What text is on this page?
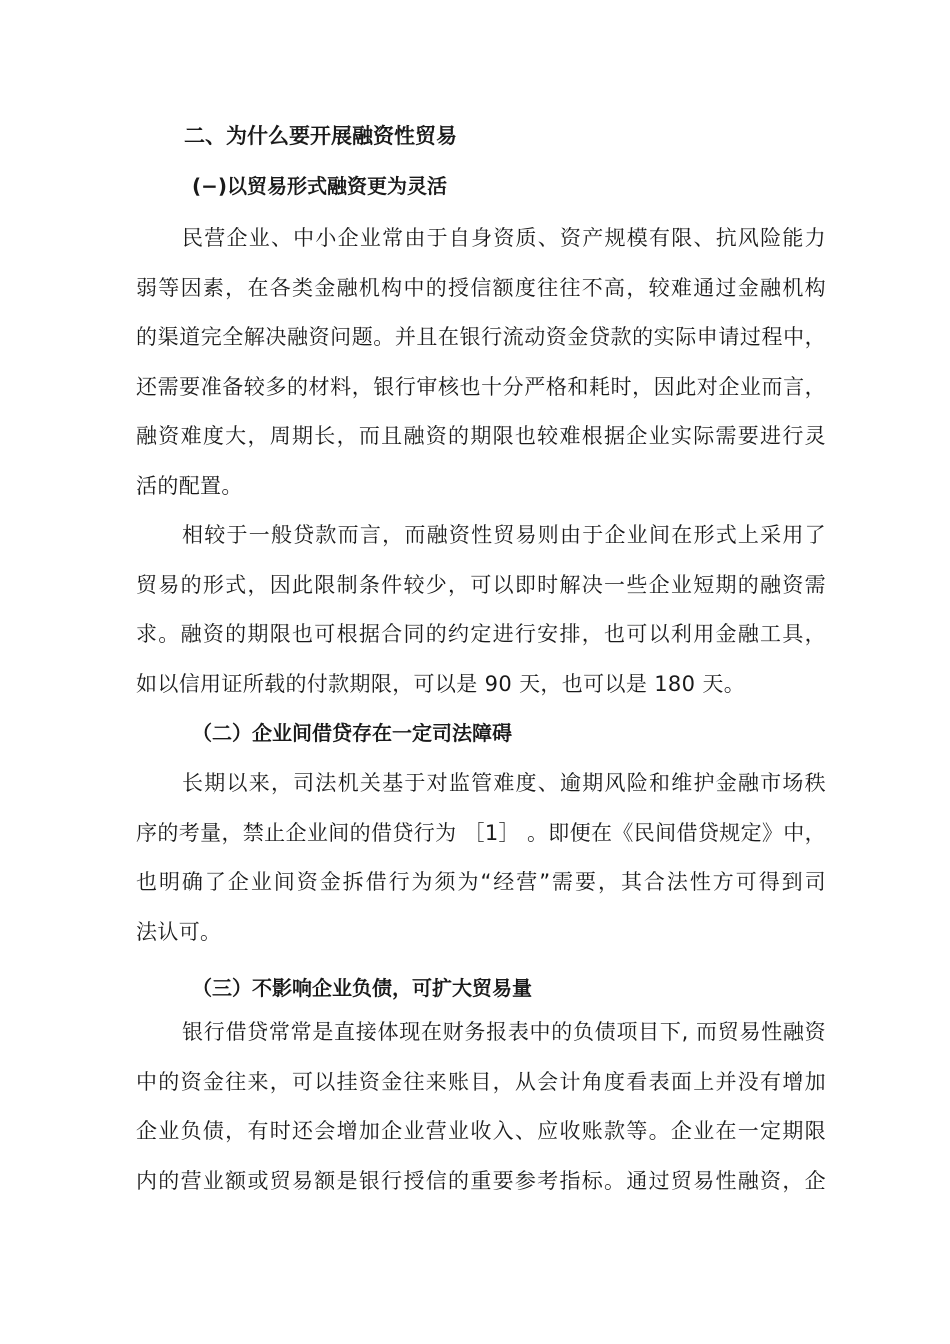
二、为什么要开展融资性贸易
(−)以贸易形式融资更为灵活
民营企业、中小企业常由于自身资质、资产规模有限、抗风险能力
弱等因素，在各类金融机构中的授信额度往往不高，较难通过金融机构
的渠道完全解决融资问题。并且在银行流动资金贷款的实际申请过程中，
还需要准备较多的材料，银行审核也十分严格和耗时，因此对企业而言，
融资难度大，周期长，而且融资的期限也较难根据企业实际需要进行灵
活的配置。
相较于一般贷款而言，而融资性贸易则由于企业间在形式上采用了
贸易的形式，因此限制条件较少，可以即时解决一些企业短期的融资需
求。融资的期限也可根据合同的约定进行安排，也可以利用金融工具，
如以信用证所载的付款期限，可以是 90 天，也可以是 180 天。
（二）企业间借贷存在一定司法障碍
长期以来，司法机关基于对监管难度、逾期风险和维护金融市场秩
序的考量，禁止企业间的借贷行为 ［1］ 。即便在《民间借贷规定》中，
也明确了企业间资金拆借行为须为“经营”需要，其合法性方可得到司
法认可。
（三）不影响企业负债，可扩大贸易量
银行借贷常常是直接体现在财务报表中的负债项目下, 而贸易性融资
中的资金往来，可以挂资金往来账目，从会计角度看表面上并没有增加
企业负债，有时还会增加企业营业收入、应收账款等。企业在一定期限
内的营业额或贸易额是银行授信的重要参考指标。通过贸易性融资，企
